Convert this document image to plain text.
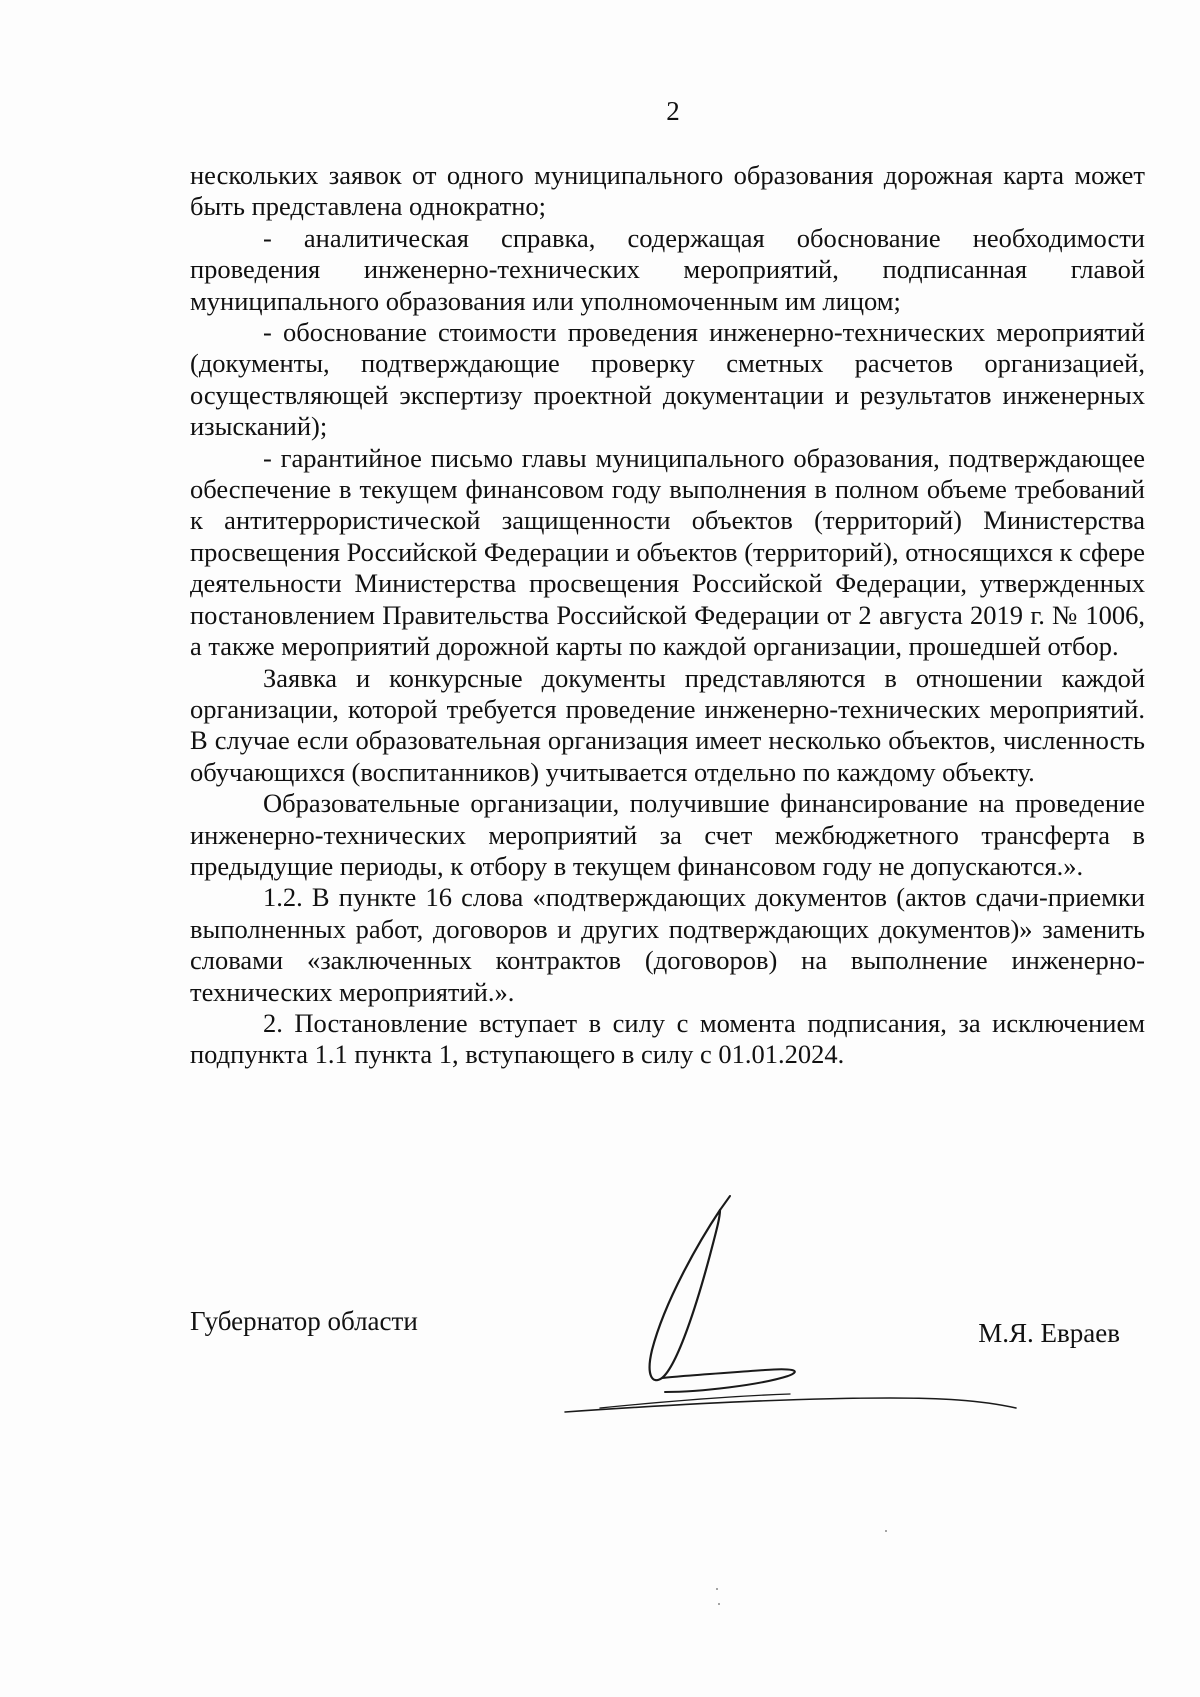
2

нескольких заявок от одного муниципального образования дорожная карта может быть представлена однократно;

- аналитическая справка, содержащая обоснование необходимости проведения инженерно-технических мероприятий, подписанная главой муниципального образования или уполномоченным им лицом;

- обоснование стоимости проведения инженерно-технических мероприятий (документы, подтверждающие проверку сметных расчетов организацией, осуществляющей экспертизу проектной документации и результатов инженерных изысканий);

- гарантийное письмо главы муниципального образования, подтверждающее обеспечение в текущем финансовом году выполнения в полном объеме требований к антитеррористической защищенности объектов (территорий) Министерства просвещения Российской Федерации и объектов (территорий), относящихся к сфере деятельности Министерства просвещения Российской Федерации, утвержденных постановлением Правительства Российской Федерации от 2 августа 2019 г. № 1006, а также мероприятий дорожной карты по каждой организации, прошедшей отбор.

Заявка и конкурсные документы представляются в отношении каждой организации, которой требуется проведение инженерно-технических мероприятий. В случае если образовательная организация имеет несколько объектов, численность обучающихся (воспитанников) учитывается отдельно по каждому объекту.

Образовательные организации, получившие финансирование на проведение инженерно-технических мероприятий за счет межбюджетного трансферта в предыдущие периоды, к отбору в текущем финансовом году не допускаются.».

1.2. В пункте 16 слова «подтверждающих документов (актов сдачи-приемки выполненных работ, договоров и других подтверждающих документов)» заменить словами «заключенных контрактов (договоров) на выполнение инженерно-технических мероприятий.».

2. Постановление вступает в силу с момента подписания, за исключением подпункта 1.1 пункта 1, вступающего в силу с 01.01.2024.

Губернатор области	М.Я. Евраев
